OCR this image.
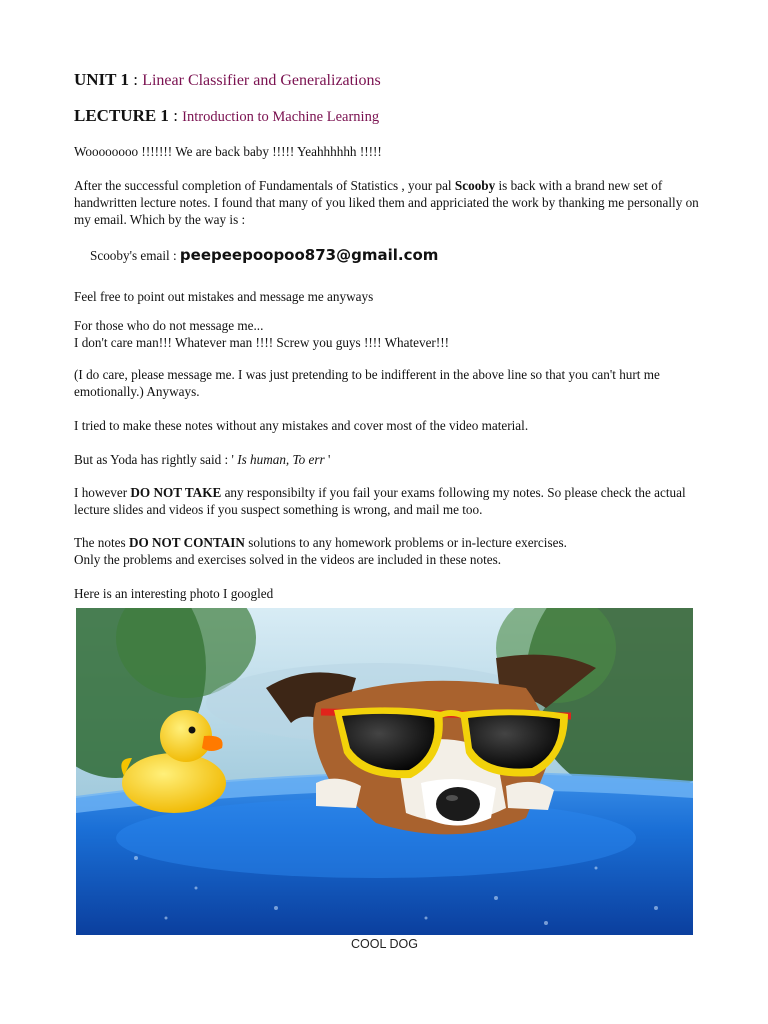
UNIT 1 : Linear Classifier and Generalizations
LECTURE 1 : Introduction to Machine Learning
Woooooooo !!!!!!! We are back baby !!!!! Yeahhhhhh !!!!!
After the successful completion of Fundamentals of Statistics , your pal Scooby is back with a brand new set of handwritten lecture notes. I found that many of you liked them and appriciated the work by thanking me personally on my email. Which by the way is :
Feel free to point out mistakes and message me anyways
For those who do not message me...
I don't care man!!! Whatever man !!!! Screw you guys !!!! Whatever!!!
(I do care, please message me. I was just pretending to be indifferent in the above line so that you can't hurt me emotionally.) Anyways.
I tried to make these notes without any mistakes and cover most of the video material.
But as Yoda has rightly said : ' Is human, To err '
I however DO NOT TAKE any responsibilty if you fail your exams following my notes. So please check the actual lecture slides and videos if you suspect something is wrong, and mail me too.
The notes DO NOT CONTAIN solutions to any homework problems or in-lecture exercises.
Only the problems and exercises solved in the videos are included in these notes.
Here is an interesting photo I googled
Scooby's email : peepeepoopoo873@gmail.com
COOL DOG
